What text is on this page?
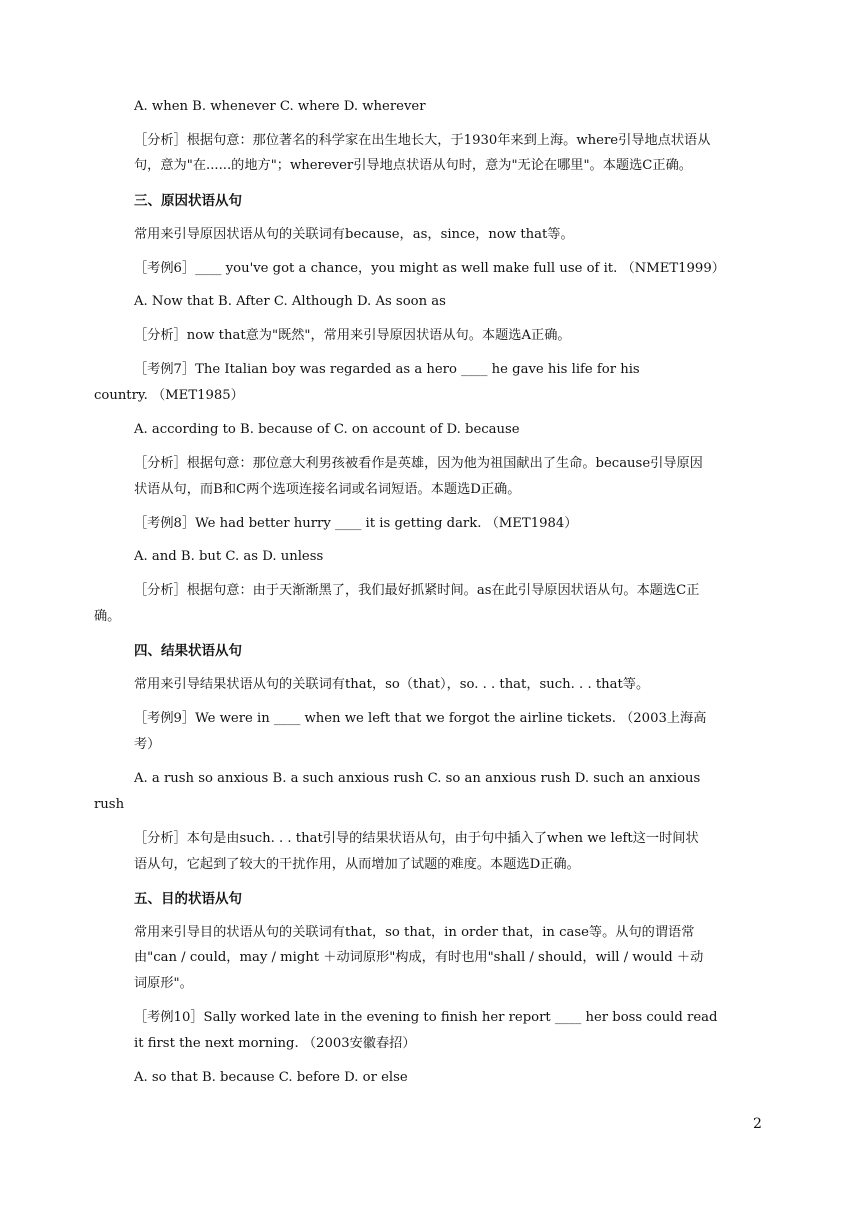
A. when B. whenever C. where D. wherever
［分析］根据句意：那位著名的科学家在出生地长大，于1930年来到上海。where引导地点状语从
句，意为"在......的地方"；wherever引导地点状语从句时，意为"无论在哪里"。本题选C正确。
三、原因状语从句
常用来引导原因状语从句的关联词有because，as，since，now that等。
［考例6］____ you've got a chance，you might as well make full use of it. （NMET1999）
A. Now that B. After C. Although D. As soon as
［分析］now that意为"既然"，常用来引导原因状语从句。本题选A正确。
［考例7］The Italian boy was regarded as a hero ____ he gave his life for his
country. （MET1985）
A. according to B. because of C. on account of D. because
［分析］根据句意：那位意大利男孩被看作是英雄，因为他为祖国献出了生命。because引导原因
状语从句，而B和C两个选项连接名词或名词短语。本题选D正确。
［考例8］We had better hurry ____ it is getting dark. （MET1984）
A. and B. but C. as D. unless
［分析］根据句意：由于天渐渐黑了，我们最好抓紧时间。as在此引导原因状语从句。本题选C正
确。
四、结果状语从句
常用来引导结果状语从句的关联词有that，so（that），so. . . that，such. . . that等。
［考例9］We were in ____ when we left that we forgot the airline tickets. （2003上海高
考）
A. a rush so anxious B. a such anxious rush C. so an anxious rush D. such an anxious
rush
［分析］本句是由such. . . that引导的结果状语从句，由于句中插入了when we left这一时间状
语从句，它起到了较大的干扰作用，从而增加了试题的难度。本题选D正确。
五、目的状语从句
常用来引导目的状语从句的关联词有that，so that，in order that，in case等。从句的谓语常
由"can / could，may / might ＋动词原形"构成，有时也用"shall / should，will / would ＋动
词原形"。
［考例10］Sally worked late in the evening to finish her report ____ her boss could read
it first the next morning. （2003安徽春招）
A. so that B. because C. before D. or else
2
